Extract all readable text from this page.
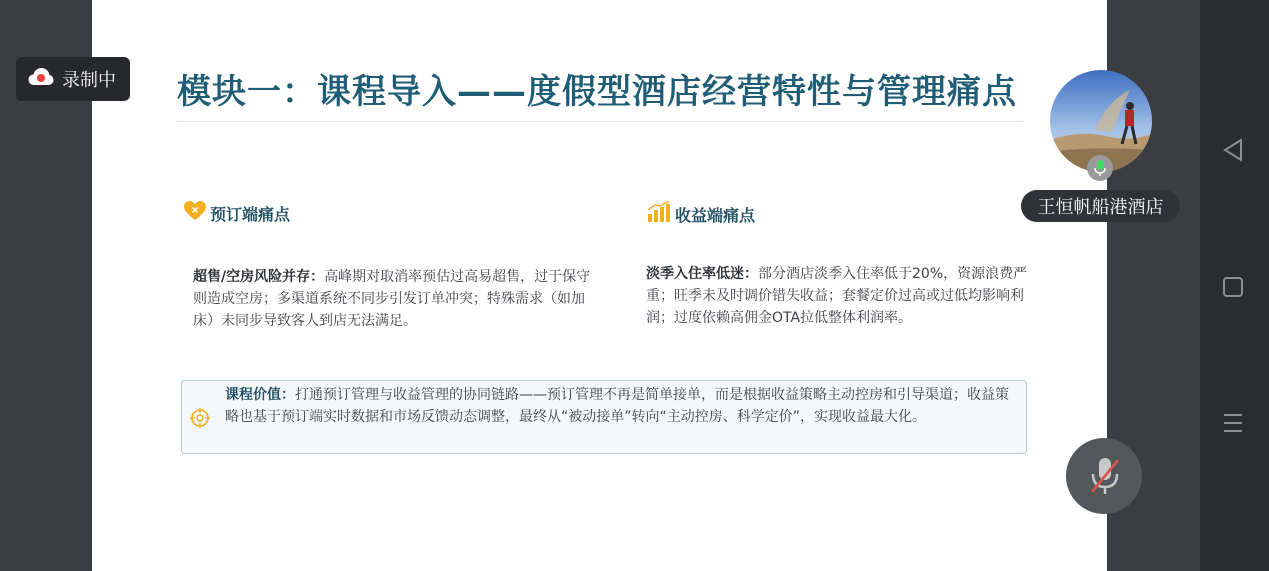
模块一：课程导入——度假型酒店经营特性与管理痛点
预订端痛点	收益端痛点
超售/空房风险并存：高峰期对取消率预估过高易超售，过于保守则造成空房；多渠道系统不同步引发订单冲突；特殊需求（如加床）未同步导致客人到店无法满足。
淡季入住率低迷：部分酒店淡季入住率低于20%，资源浪费严重；旺季未及时调价错失收益；套餐定价过高或过低均影响利润；过度依赖高佣金OTA拉低整体利润率。
课程价值：打通预订管理与收益管理的协同链路——预订管理不再是简单接单，而是根据收益策略主动控房和引导渠道；收益策略也基于预订端实时数据和市场反馈动态调整，最终从“被动接单”转向“主动控房、科学定价”，实现收益最大化。
录制中
王恒帆船港酒店
